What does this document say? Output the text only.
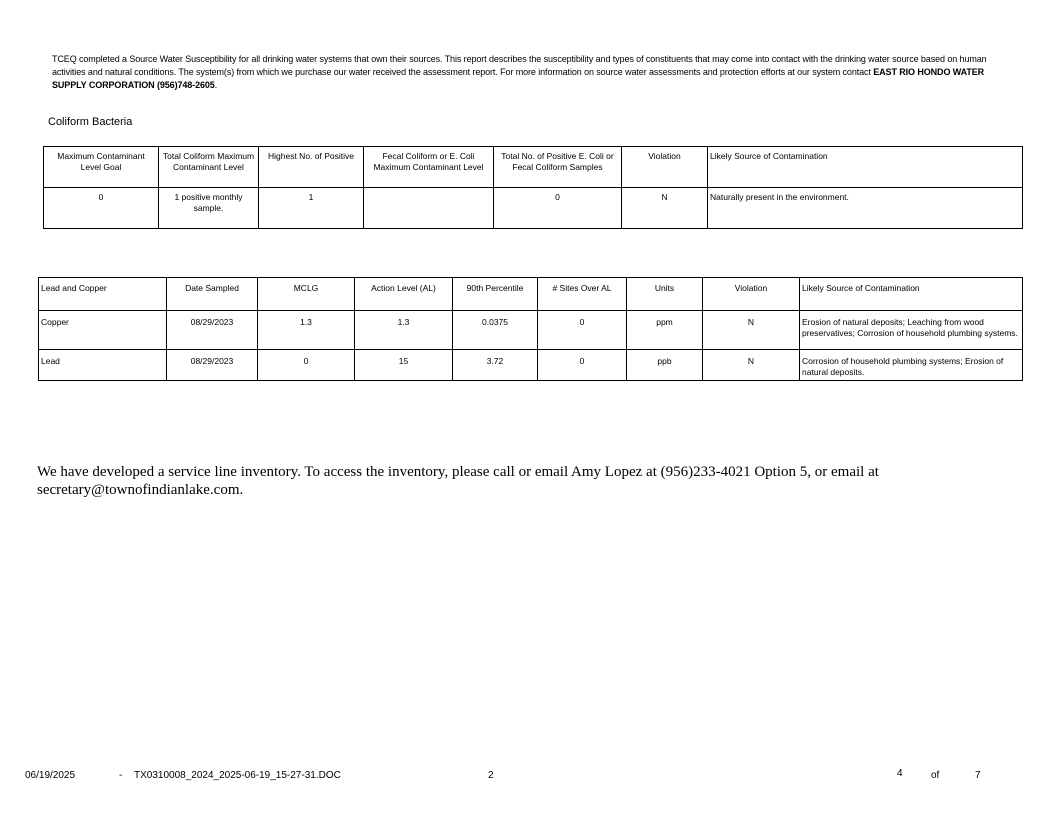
TCEQ completed a Source Water Susceptibility for all drinking water systems that own their sources. This report describes the susceptibility and types of constituents that may come into contact with the drinking water source based on human activities and natural conditions. The system(s) from which we purchase our water received the assessment report. For more information on source water assessments and protection efforts at our system contact EAST RIO HONDO WATER SUPPLY CORPORATION (956)748-2605.
Coliform Bacteria
Maximum Contaminant Level Goal	Total Coliform Maximum Contaminant Level	Highest No. of Positive	Fecal Coliform or E. Coli Maximum Contaminant Level	Total No. of Positive E. Coli or Fecal Coliform Samples	Violation	Likely Source of Contamination
0	1 positive monthly sample.	1		0	N	Naturally present in the environment.
Lead and Copper	Date Sampled	MCLG	Action Level (AL)	90th Percentile	# Sites Over AL	Units	Violation	Likely Source of Contamination
Copper	08/29/2023	1.3	1.3	0.0375	0	ppm	N	Erosion of natural deposits; Leaching from wood preservatives; Corrosion of household plumbing systems.

Lead	08/29/2023	0	15	3.72	0	ppb	N	Corrosion of household plumbing systems; Erosion of natural deposits.
We have developed a service line inventory. To access the inventory, please call or email Amy Lopez at (956)233-4021 Option 5, or email at secretary@townofindianlake.com.
06/19/2025	- TX0310008_2024_2025-06-19_15-27-31.DOC	2	4	of	7
